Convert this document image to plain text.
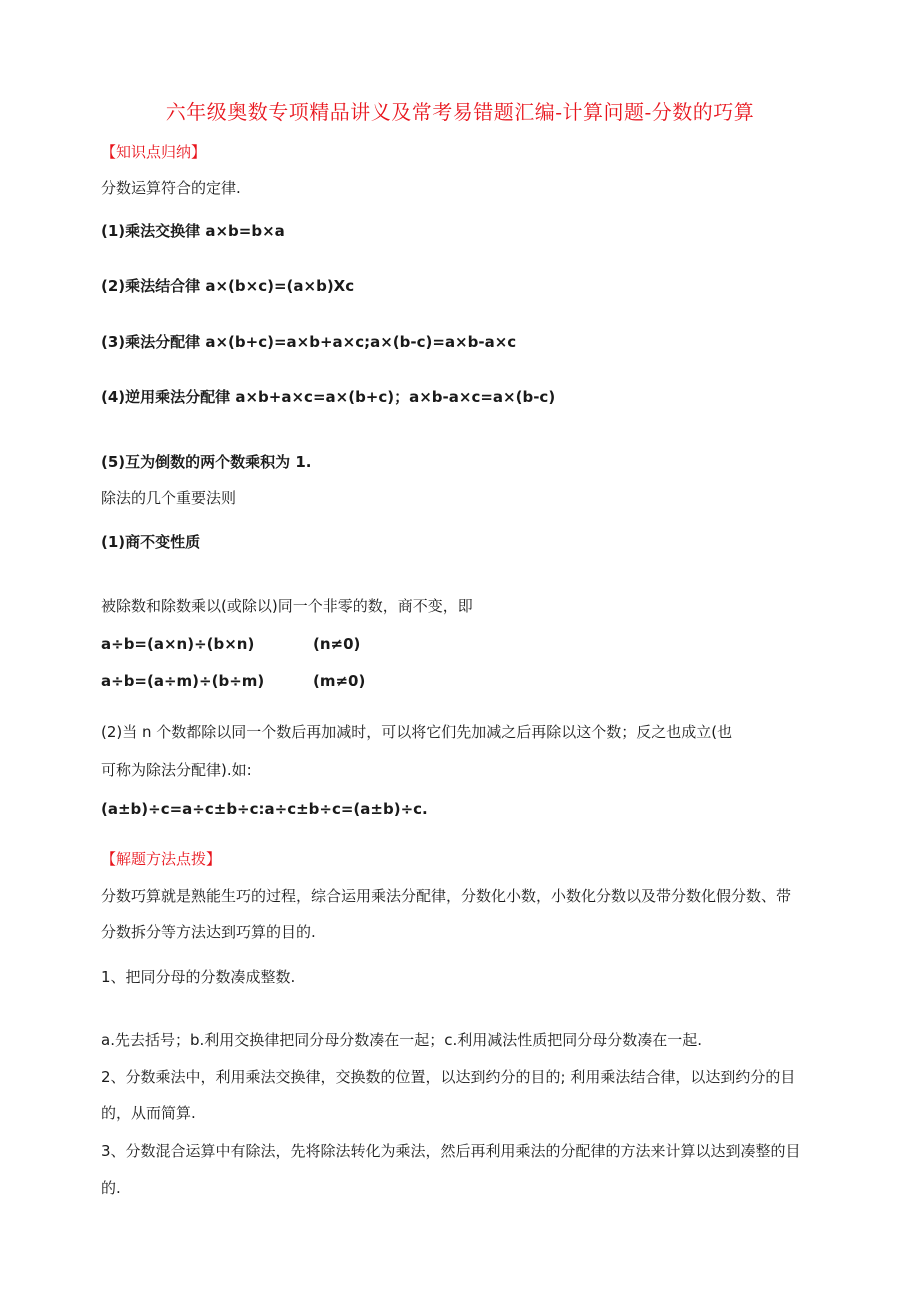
六年级奥数专项精品讲义及常考易错题汇编-计算问题-分数的巧算
【知识点归纳】
分数运算符合的定律.
(1)乘法交换律 a×b=b×a
(2)乘法结合律 a×(b×c)=(a×b)Xc
(3)乘法分配律 a×(b+c)=a×b+a×c;a×(b-c)=a×b-a×c
(4)逆用乘法分配律 a×b+a×c=a×(b+c)；a×b-a×c=a×(b-c)
(5)互为倒数的两个数乘积为 1.
除法的几个重要法则
(1)商不变性质
被除数和除数乘以(或除以)同一个非零的数，商不变，即
a÷b=(a×n)÷(b×n)	(n≠0)
a÷b=(a÷m)÷(b÷m)	(m≠0)
(2)当 n 个数都除以同一个数后再加减时，可以将它们先加减之后再除以这个数；反之也成立(也
可称为除法分配律).如:
(a±b)÷c=a÷c±b÷c:a÷c±b÷c=(a±b)÷c.
【解题方法点拨】
分数巧算就是熟能生巧的过程，综合运用乘法分配律，分数化小数，小数化分数以及带分数化假分数、带
分数拆分等方法达到巧算的目的.
1、把同分母的分数凑成整数.
a.先去括号；b.利用交换律把同分母分数凑在一起；c.利用减法性质把同分母分数凑在一起.
2、分数乘法中，利用乘法交换律，交换数的位置，以达到约分的目的; 利用乘法结合律，以达到约分的目
的，从而简算.
3、分数混合运算中有除法，先将除法转化为乘法，然后再利用乘法的分配律的方法来计算以达到凑整的目
的.
